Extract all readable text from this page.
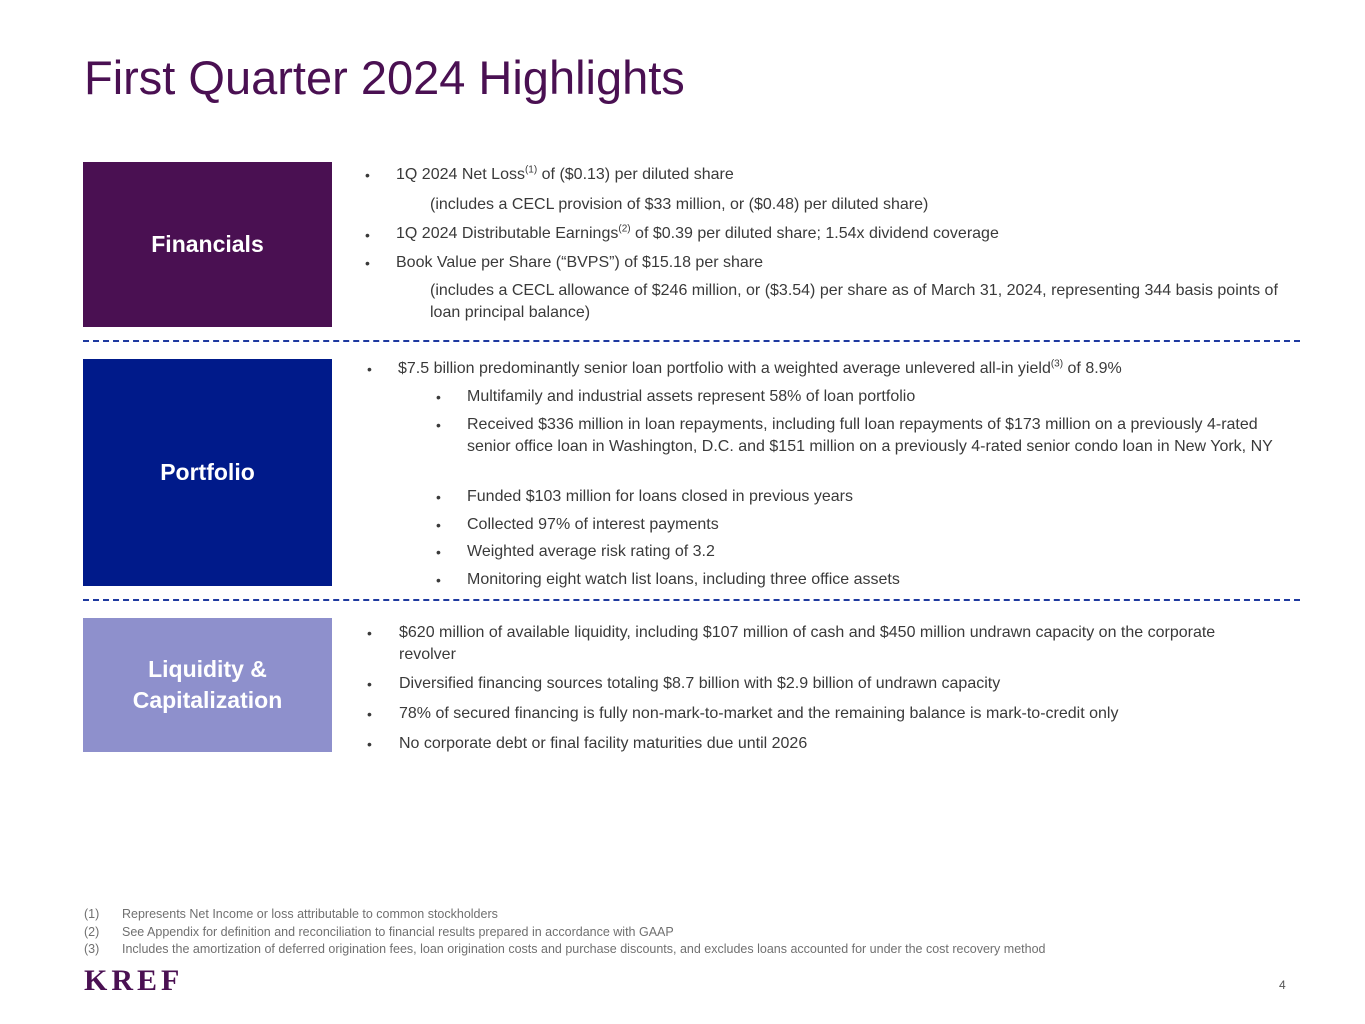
First Quarter 2024 Highlights
Financials
• 1Q 2024 Net Loss$^{(1)}$ of ($0.13) per diluted share
(includes a CECL provision of $33 million, or ($0.48) per diluted share)
• 1Q 2024 Distributable Earnings$^{(2)}$ of $0.39 per diluted share; 1.54x dividend coverage
• Book Value per Share (“BVPS”) of $15.18 per share
(includes a CECL allowance of $246 million, or ($3.54) per share as of March 31, 2024, representing 344 basis points of loan principal balance)
Portfolio
• $7.5 billion predominantly senior loan portfolio with a weighted average unlevered all-in yield$^{(3)}$ of 8.9%
• Multifamily and industrial assets represent 58% of loan portfolio
• Received $336 million in loan repayments, including full loan repayments of $173 million on a previously 4-rated senior office loan in Washington, D.C. and $151 million on a previously 4-rated senior condo loan in New York, NY
• Funded $103 million for loans closed in previous years
• Collected 97% of interest payments
• Weighted average risk rating of 3.2
• Monitoring eight watch list loans, including three office assets
Liquidity &
Capitalization
• $620 million of available liquidity, including $107 million of cash and $450 million undrawn capacity on the corporate revolver
• Diversified financing sources totaling $8.7 billion with $2.9 billion of undrawn capacity
• 78% of secured financing is fully non-mark-to-market and the remaining balance is mark-to-credit only
• No corporate debt or final facility maturities due until 2026
(1)	Represents Net Income or loss attributable to common stockholders
(2)	See Appendix for definition and reconciliation to financial results prepared in accordance with GAAP
(3)	Includes the amortization of deferred origination fees, loan origination costs and purchase discounts, and excludes loans accounted for under the cost recovery method
KREF	4
